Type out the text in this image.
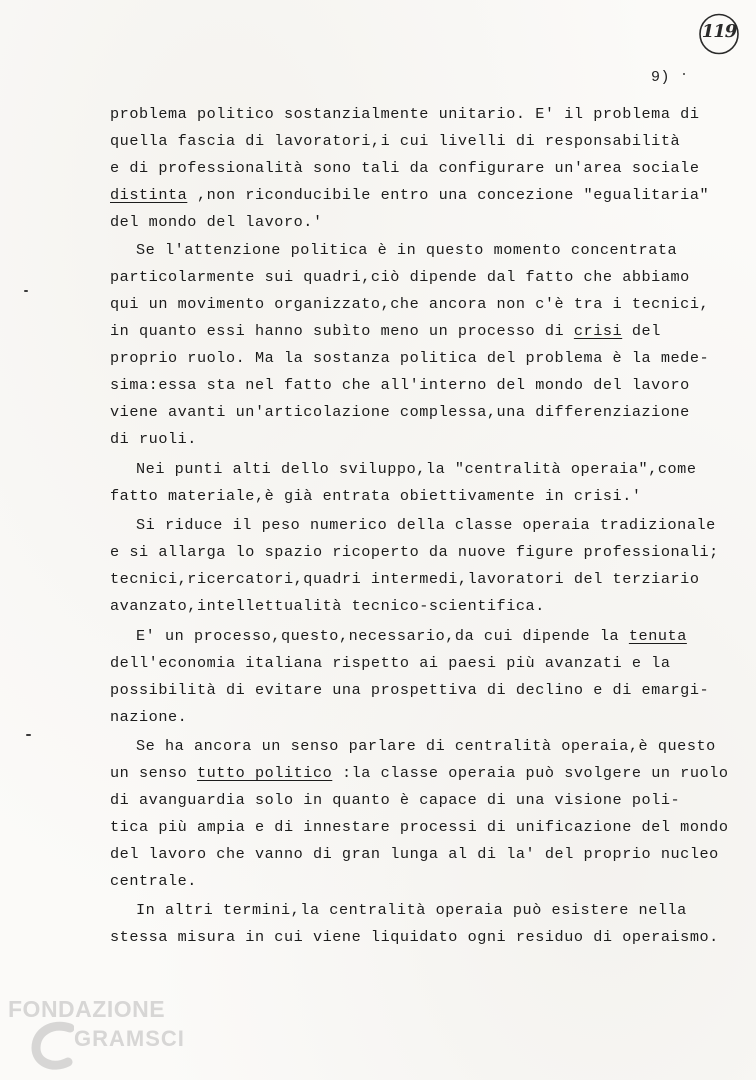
119
9)
problema politico sostanzialmente unitario. E' il problema di
quella fascia di lavoratori,i cui livelli di responsabilità
e di professionalità sono tali da configurare un'area sociale
distinta ,non riconducibile entro una concezione "egualitaria"
del mondo del lavoro.'
Se l'attenzione politica è in questo momento concentrata
particolarmente sui quadri,ciò dipende dal fatto che abbiamo
qui un movimento organizzato,che ancora non c'è tra i tecnici,
in quanto essi hanno subìto meno un processo di crisi del
proprio ruolo. Ma la sostanza politica del problema è la mede-
sima:essa sta nel fatto che all'interno del mondo del lavoro
viene avanti un'articolazione complessa,una differenziazione
di ruoli.
Nei punti alti dello sviluppo,la "centralità operaia",come
fatto materiale,è già entrata obiettivamente in crisi.'
Si riduce il peso numerico della classe operaia tradizionale
e si allarga lo spazio ricoperto da nuove figure professionali;
tecnici,ricercatori,quadri intermedi,lavoratori del terziario
avanzato,intellettualità tecnico-scientifica.
E' un processo,questo,necessario,da cui dipende la tenuta
dell'economia italiana rispetto ai paesi più avanzati e la
possibilità di evitare una prospettiva di declino e di emargi-
nazione.
Se ha ancora un senso parlare di centralità operaia,è questo
un senso tutto politico :la classe operaia può svolgere un ruolo
di avanguardia solo in quanto è capace di una visione poli-
tica più ampia e di innestare processi di unificazione del mondo
del lavoro che vanno di gran lunga al di la' del proprio nucleo
centrale.
In altri termini,la centralità operaia può esistere nella
stessa misura in cui viene liquidato ogni residuo di operaismo.
FONDAZIONE
GRAMSCI
